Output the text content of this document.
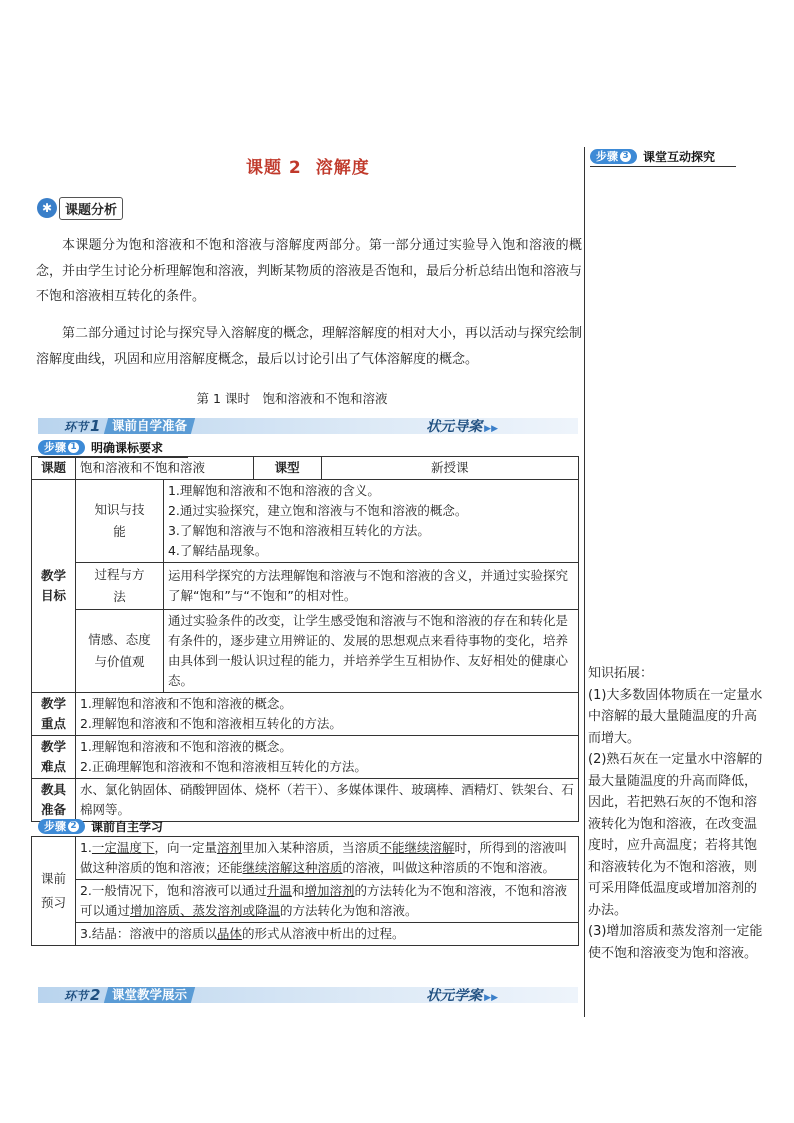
课题 2 溶解度
✱ 课题分析
本课题分为饱和溶液和不饱和溶液与溶解度两部分。第一部分通过实验导入饱和溶液的概念，并由学生讨论分析理解饱和溶液，判断某物质的溶液是否饱和，最后分析总结出饱和溶液与不饱和溶液相互转化的条件。
第二部分通过讨论与探究导入溶解度的概念，理解溶解度的相对大小，再以活动与探究绘制溶解度曲线，巩固和应用溶解度概念，最后以讨论引出了气体溶解度的概念。
第 1 课时　饱和溶液和不饱和溶液
环节 1 课前自学准备	状元导案 ▶▶
步骤 1 明确课标要求
课题	饱和溶液和不饱和溶液		课型	新授课

教学目标	知识与技能	1.理解饱和溶液和不饱和溶液的含义。
2.通过实验探究，建立饱和溶液与不饱和溶液的概念。
3.了解饱和溶液与不饱和溶液相互转化的方法。
4.了解结晶现象。		

	过程与方法	运用科学探究的方法理解饱和溶液与不饱和溶液的含义，并通过实验探究了解“饱和”与“不饱和”的相对性。		

	情感、态度与价值观	通过实验条件的改变，让学生感受饱和溶液与不饱和溶液的存在和转化是有条件的，逐步建立用辨证的、发展的思想观点来看待事物的变化，培养由具体到一般认识过程的能力，并培养学生互相协作、友好相处的健康心态。		

教学重点	1.理解饱和溶液和不饱和溶液的概念。
2.理解饱和溶液和不饱和溶液相互转化的方法。			

教学难点	1.理解饱和溶液和不饱和溶液的概念。
2.正确理解饱和溶液和不饱和溶液相互转化的方法。			

教具准备	水、氯化钠固体、硝酸钾固体、烧杯（若干）、多媒体课件、玻璃棒、酒精灯、铁架台、石棉网等。			
步骤 2 课前自主学习
课前预习
	1.一定温度下，向一定量溶剂里加入某种溶质，当溶质不能继续溶解时，所得到的溶液叫做这种溶质的饱和溶液；还能继续溶解这种溶质的溶液，叫做这种溶质的不饱和溶液。
2.一般情况下，饱和溶液可以通过升温和增加溶剂的方法转化为不饱和溶液，不饱和溶液可以通过增加溶质、蒸发溶剂或降温的方法转化为饱和溶液。
3.结晶：溶液中的溶质以晶体的形式从溶液中析出的过程。
环节 2 课堂教学展示	状元学案 ▶▶
步骤 3 课堂互动探究
知识拓展：
(1)大多数固体物质在一定量水中溶解的最大量随温度的升高而增大。
(2)熟石灰在一定量水中溶解的最大量随温度的升高而降低，因此，若把熟石灰的不饱和溶液转化为饱和溶液，在改变温度时，应升高温度；若将其饱和溶液转化为不饱和溶液，则可采用降低温度或增加溶剂的办法。
(3)增加溶质和蒸发溶剂一定能使不饱和溶液变为饱和溶液。
